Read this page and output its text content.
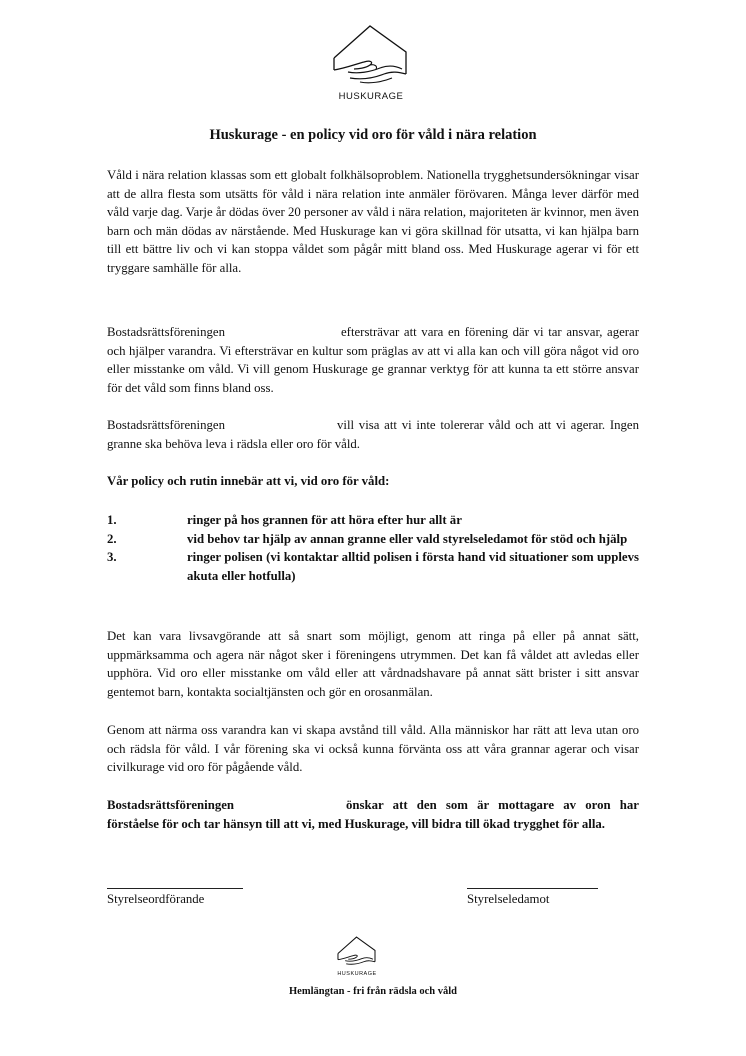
HUSKURAGE
Huskurage - en policy vid oro för våld i nära relation

Våld i nära relation klassas som ett globalt folkhälsoproblem. Nationella trygghetsundersökningar visar att de allra flesta som utsätts för våld i nära relation inte anmäler förövaren. Många lever därför med våld varje dag. Varje år dödas över 20 personer av våld i nära relation, majoriteten är kvinnor, men även barn och män dödas av närstående. Med Huskurage kan vi göra skillnad för utsatta, vi kan hjälpa barn till ett bättre liv och vi kan stoppa våldet som pågår mitt bland oss. Med Huskurage agerar vi för ett tryggare samhälle för alla.

Bostadsrättsföreningen	eftersträvar att vara en förening där vi tar ansvar, agerar och hjälper varandra. Vi eftersträvar en kultur som präglas av att vi alla kan och vill göra något vid oro eller misstanke om våld. Vi vill genom Huskurage ge grannar verktyg för att kunna ta ett större ansvar för det våld som finns bland oss.

Bostadsrättsföreningen	vill visa att vi inte tolererar våld och att vi agerar. Ingen granne ska behöva leva i rädsla eller oro för våld.

Vår policy och rutin innebär att vi, vid oro för våld:

1.	ringer på hos grannen för att höra efter hur allt är
2.	vid behov tar hjälp av annan granne eller vald styrelseledamot för stöd och hjälp
3.	ringer polisen (vi kontaktar alltid polisen i första hand vid situationer som upplevs akuta eller hotfulla)

Det kan vara livsavgörande att så snart som möjligt, genom att ringa på eller på annat sätt, uppmärksamma och agera när något sker i föreningens utrymmen. Det kan få våldet att avledas eller upphöra. Vid oro eller misstanke om våld eller att vårdnadshavare på annat sätt brister i sitt ansvar gentemot barn, kontakta socialtjänsten och gör en orosanmälan.

Genom att närma oss varandra kan vi skapa avstånd till våld. Alla människor har rätt att leva utan oro och rädsla för våld. I vår förening ska vi också kunna förvänta oss att våra grannar agerar och visar civilkurage vid oro för pågående våld.

Bostadsrättsföreningen	önskar att den som är mottagare av oron har förståelse för och tar hänsyn till att vi, med Huskurage, vill bidra till ökad trygghet för alla.

Styrelseordförande	Styrelseledamot
HUSKURAGE
Hemlängtan - fri från rädsla och våld
